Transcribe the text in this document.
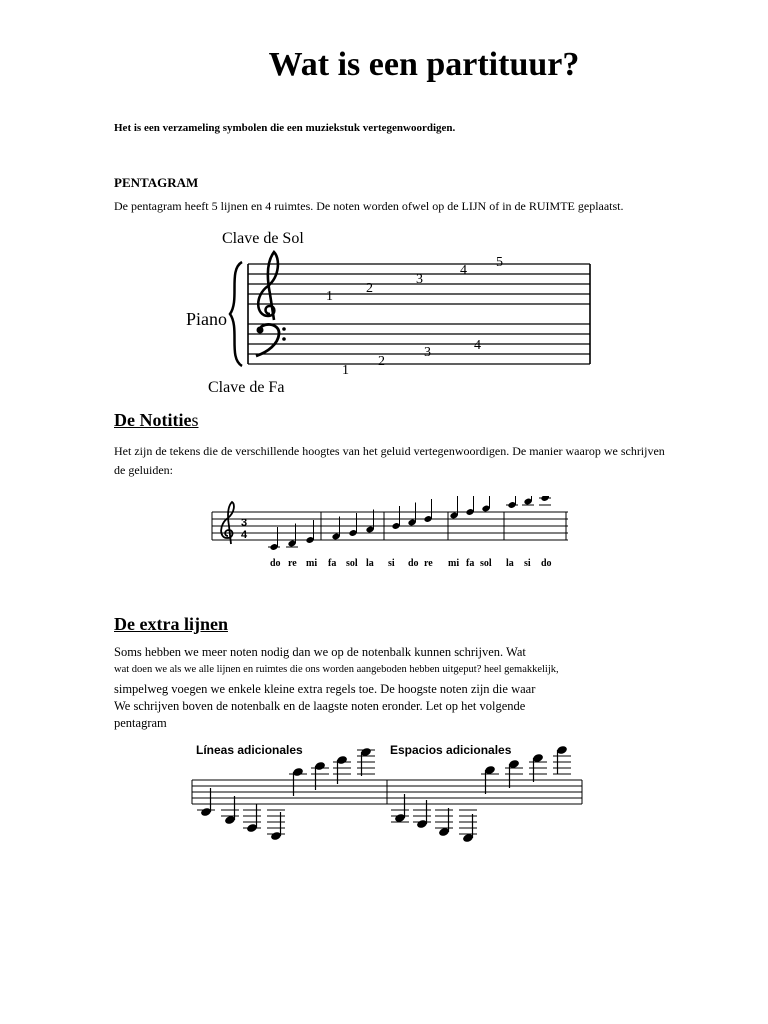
Wat is een partituur?
Het is een verzameling symbolen die een muziekstuk vertegenwoordigen.
PENTAGRAM
De pentagram heeft 5 lijnen en 4 ruimtes. De noten worden ofwel op de LIJN of in de RUIMTE geplaatst.
Clave de Sol
Clave de Fa
Piano
1
2
3
4
5
1
2
3	4
De Notities
Het zijn de tekens die de verschillende hoogtes van het geluid vertegenwoordigen. De manier waarop we schrijven de geluiden:
3
4
do re mi fa sol la si do re mi fa sol la si do
De extra lijnen
Soms hebben we meer noten nodig dan we op de notenbalk kunnen schrijven. Wat
wat doen we als we alle lijnen en ruimtes die ons worden aangeboden hebben uitgeput? heel gemakkelijk,
simpelweg voegen we enkele kleine extra regels toe. De hoogste noten zijn die waar
We schrijven boven de notenbalk en de laagste noten eronder. Let op het volgende
pentagram
Líneas adicionales	Espacios adicionales
